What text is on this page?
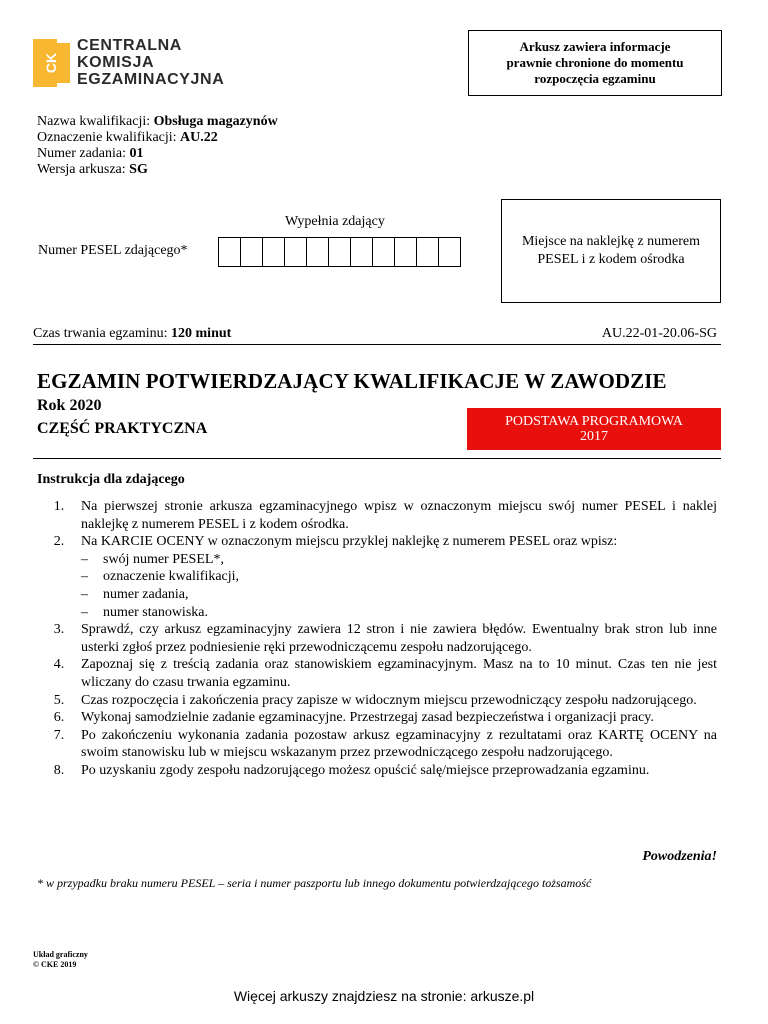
CK
CENTRALNA
KOMISJA
EGZAMINACYJNA
Arkusz zawiera informacje
prawnie chronione do momentu
rozpoczęcia egzaminu
Nazwa kwalifikacji: Obsługa magazynów
Oznaczenie kwalifikacji: AU.22
Numer zadania: 01
Wersja arkusza: SG
Wypełnia zdający
Numer PESEL zdającego*
Miejsce na naklejkę z numerem
PESEL i z kodem ośrodka
Czas trwania egzaminu: 120 minut	AU.22-01-20.06-SG
EGZAMIN POTWIERDZAJĄCY KWALIFIKACJE W ZAWODZIE
Rok 2020
CZĘŚĆ PRAKTYCZNA	PODSTAWA PROGRAMOWA
2017
Instrukcja dla zdającego
1.	Na pierwszej stronie arkusza egzaminacyjnego wpisz w oznaczonym miejscu swój numer PESEL i naklej naklejkę z numerem PESEL i z kodem ośrodka.
2.	Na KARCIE OCENY w oznaczonym miejscu przyklej naklejkę z numerem PESEL oraz wpisz:
–	swój numer PESEL*,
–	oznaczenie kwalifikacji,
–	numer zadania,
–	numer stanowiska.
3.	Sprawdź, czy arkusz egzaminacyjny zawiera 12 stron i nie zawiera błędów. Ewentualny brak stron lub inne usterki zgłoś przez podniesienie ręki przewodniczącemu zespołu nadzorującego.
4.	Zapoznaj się z treścią zadania oraz stanowiskiem egzaminacyjnym. Masz na to 10 minut. Czas ten nie jest wliczany do czasu trwania egzaminu.
5.	Czas rozpoczęcia i zakończenia pracy zapisze w widocznym miejscu przewodniczący zespołu nadzorującego.
6.	Wykonaj samodzielnie zadanie egzaminacyjne. Przestrzegaj zasad bezpieczeństwa i organizacji pracy.
7.	Po zakończeniu wykonania zadania pozostaw arkusz egzaminacyjny z rezultatami oraz KARTĘ OCENY na swoim stanowisku lub w miejscu wskazanym przez przewodniczącego zespołu nadzorującego.
8.	Po uzyskaniu zgody zespołu nadzorującego możesz opuścić salę/miejsce przeprowadzania egzaminu.
Powodzenia!
* w przypadku braku numeru PESEL – seria i numer paszportu lub innego dokumentu potwierdzającego tożsamość
Układ graficzny
© CKE 2019
Więcej arkuszy znajdziesz na stronie: arkusze.pl
